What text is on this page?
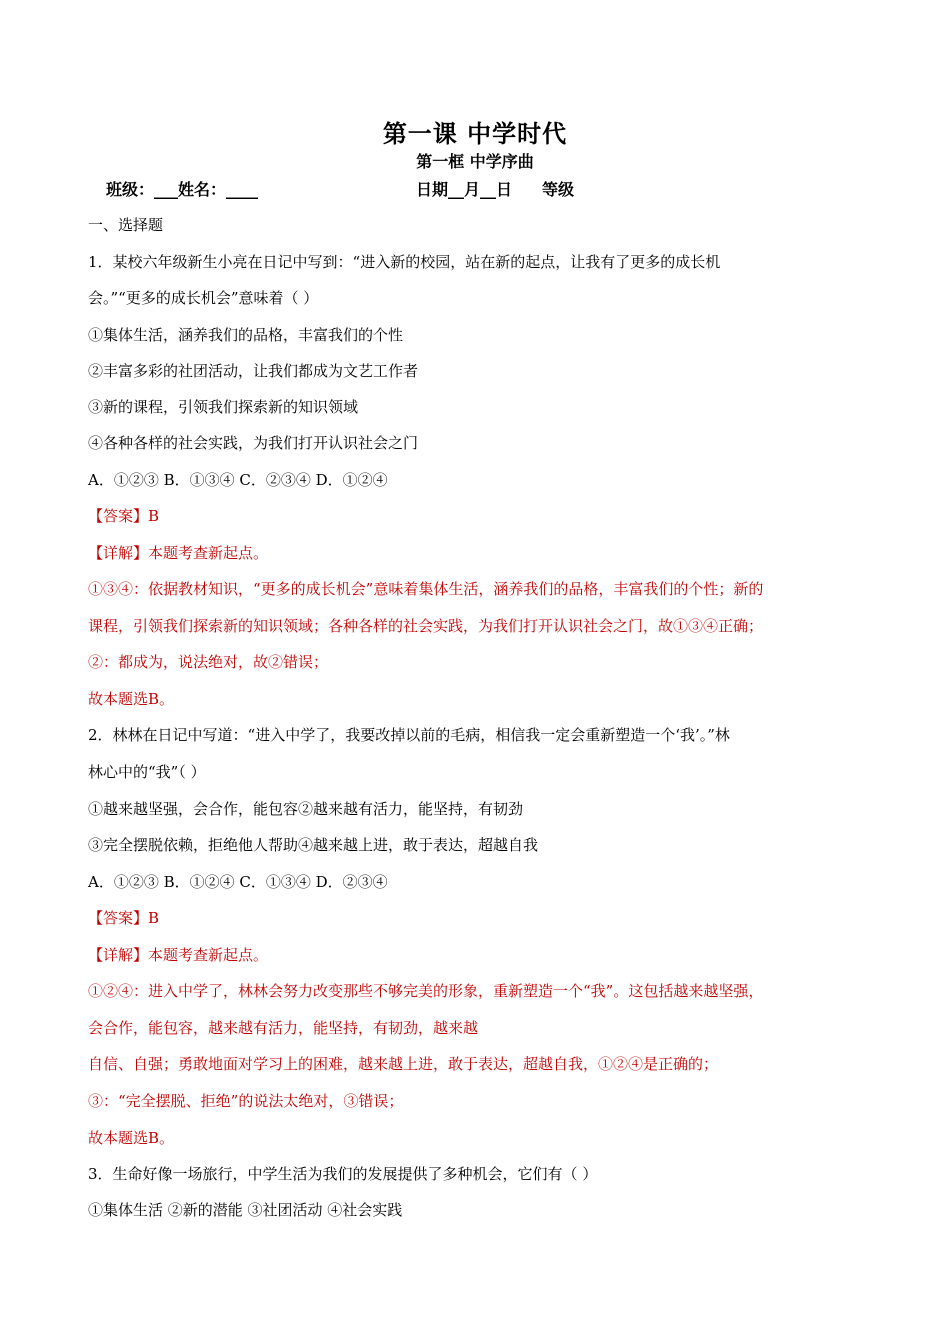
第一课 中学时代
第一框 中学序曲
班级：___姓名：____	日期__月__日 等级
一、选择题
1．某校六年级新生小亮在日记中写到：“进入新的校园，站在新的起点，让我有了更多的成长机
会。”“更多的成长机会”意味着（ ）
①集体生活，涵养我们的品格，丰富我们的个性
②丰富多彩的社团活动，让我们都成为文艺工作者
③新的课程，引领我们探索新的知识领域
④各种各样的社会实践，为我们打开认识社会之门
A．①②③ B．①③④ C．②③④ D．①②④
【答案】B
【详解】本题考查新起点。
①③④：依据教材知识，“更多的成长机会”意味着集体生活，涵养我们的品格，丰富我们的个性；新的
课程，引领我们探索新的知识领域；各种各样的社会实践，为我们打开认识社会之门，故①③④正确；
②：都成为，说法绝对，故②错误；
故本题选B。
2．林林在日记中写道：“进入中学了，我要改掉以前的毛病，相信我一定会重新塑造一个‘我’。”林
林心中的“我”（ ）
①越来越坚强，会合作，能包容②越来越有活力，能坚持，有韧劲
③完全摆脱依赖，拒绝他人帮助④越来越上进，敢于表达，超越自我
A．①②③ B．①②④ C．①③④ D．②③④
【答案】B
【详解】本题考查新起点。
①②④：进入中学了，林林会努力改变那些不够完美的形象，重新塑造一个“我”。这包括越来越坚强，
会合作，能包容，越来越有活力，能坚持，有韧劲，越来越
自信、自强；勇敢地面对学习上的困难，越来越上进，敢于表达，超越自我，①②④是正确的；
③：“完全摆脱、拒绝”的说法太绝对，③错误；
故本题选B。
3．生命好像一场旅行，中学生活为我们的发展提供了多种机会，它们有（ ）
①集体生活 ②新的潜能 ③社团活动 ④社会实践
